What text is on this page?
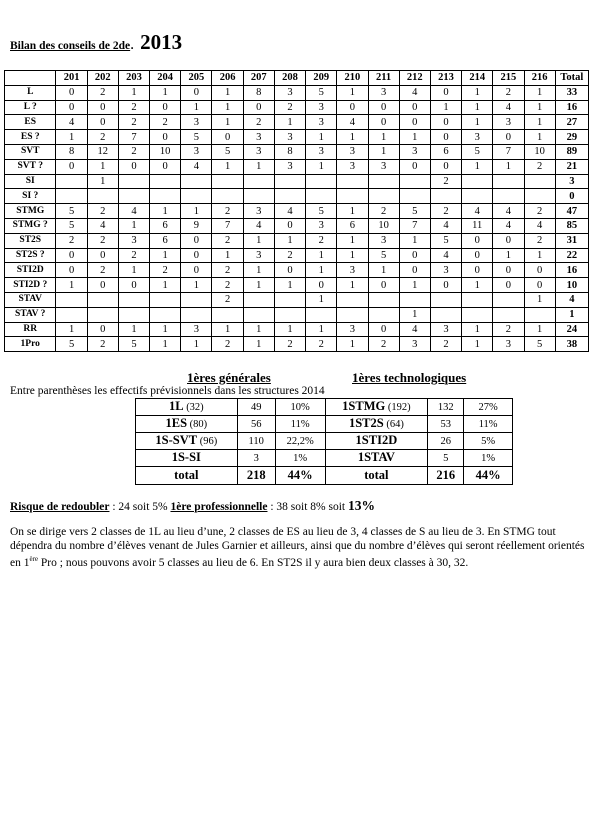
Bilan des conseils de 2de. 2013
	201	202	203	204	205	206	207	208	209	210	211	212	213	214	215	216	Total
L	0	2	1	1	0	1	8	3	5	1	3	4	0	1	2	1	33
L ?	0	0	2	0	1	1	0	2	3	0	0	0	1	1	4	1	16
ES	4	0	2	2	3	1	2	1	3	4	0	0	0	1	3	1	27
ES ?	1	2	7	0	5	0	3	3	1	1	1	1	0	3	0	1	29
SVT	8	12	2	10	3	5	3	8	3	3	1	3	6	5	7	10	89
SVT ?	0	1	0	0	4	1	1	3	1	3	3	0	0	1	1	2	21
SI		1											2				3
SI ?																	0
STMG	5	2	4	1	1	2	3	4	5	1	2	5	2	4	4	2	47
STMG ?	5	4	1	6	9	7	4	0	3	6	10	7	4	11	4	4	85
ST2S	2	2	3	6	0	2	1	1	2	1	3	1	5	0	0	2	31
ST2S ?	0	0	2	1	0	1	3	2	1	1	5	0	4	0	1	1	22
STI2D	0	2	1	2	0	2	1	0	1	3	1	0	3	0	0	0	16
STI2D ?	1	0	0	1	1	2	1	1	0	1	0	1	0	1	0	0	10
STAV						2			1							1	4
STAV ?												1					1
RR	1	0	1	1	3	1	1	1	1	3	0	4	3	1	2	1	24
1Pro	5	2	5	1	1	2	1	2	2	1	2	3	2	1	3	5	38
1ères générales	1ères technologiques
Entre parenthèses les effectifs prévisionnels dans les structures 2014
1L (32)	49	10%	1STMG (192)	132	27%
1ES (80)	56	11%	1ST2S (64)	53	11%
1S-SVT (96)	110	22,2%	1STI2D	26	5%
1S-SI	3	1%	1STAV	5	1%
total	218	44%	total	216	44%
Risque de redoubler : 24 soit 5% 1ère professionnelle : 38 soit 8% soit 13%
On se dirige vers 2 classes de 1L au lieu d’une, 2 classes de ES au lieu de 3, 4 classes de S au lieu de 3. En STMG tout dépendra du nombre d’élèves venant de Jules Garnier et ailleurs, ainsi que du nombre d’élèves qui seront réellement orientés en 1ère Pro ; nous pouvons avoir 5 classes au lieu de 6. En ST2S il y aura bien deux classes à 30, 32.
